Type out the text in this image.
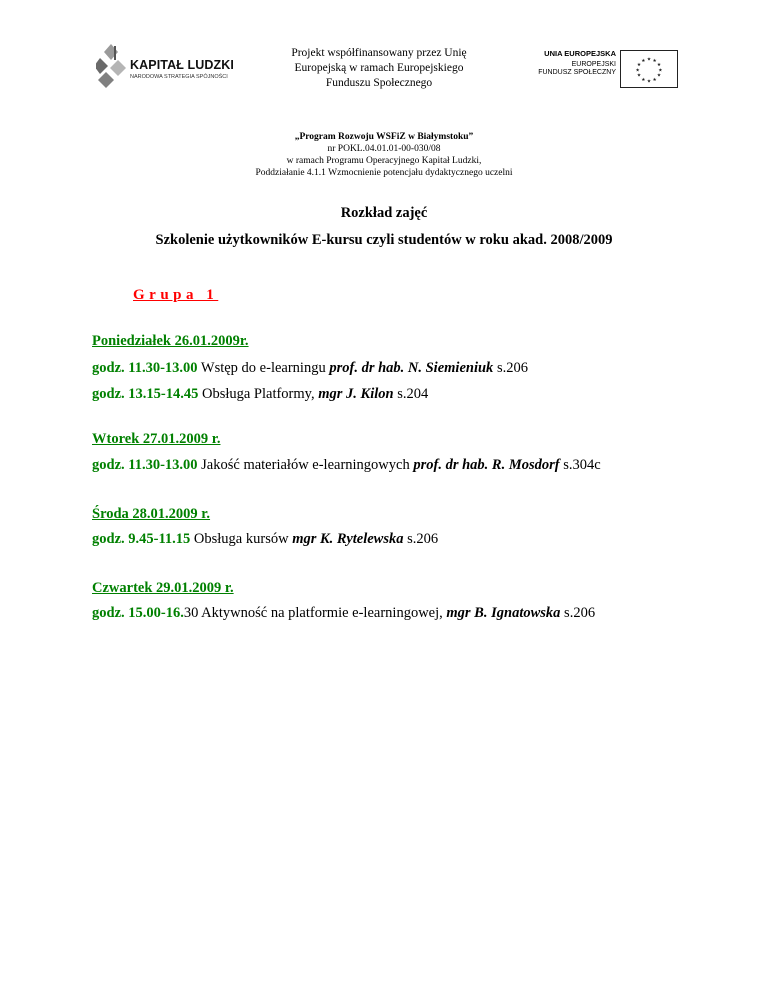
KAPITAŁ LUDZKI
NARODOWA STRATEGIA SPÓJNOŚCI
Projekt współfinansowany przez Unię
Europejską w ramach Europejskiego
Funduszu Społecznego
UNIA EUROPEJSKA
EUROPEJSKI
FUNDUSZ SPOŁECZNY
★ ★
★
★
★
★
★
★
★
★
★
★
„Program Rozwoju WSFiZ w Białymstoku”
nr POKL.04.01.01-00-030/08
w ramach Programu Operacyjnego Kapitał Ludzki,
Poddziałanie 4.1.1 Wzmocnienie potencjału dydaktycznego uczelni
Rozkład zajęć
Szkolenie użytkowników E-kursu czyli studentów w roku akad. 2008/2009
Grupa 1
Poniedziałek 26.01.2009r.
godz. 11.30-13.00 Wstęp do e-learningu prof. dr hab. N. Siemieniuk s.206
godz. 13.15-14.45 Obsługa Platformy, mgr J. Kilon s.204
Wtorek 27.01.2009 r.
godz. 11.30-13.00 Jakość materiałów e-learningowych prof. dr hab. R. Mosdorf s.304c
Środa 28.01.2009 r.
godz. 9.45-11.15 Obsługa kursów mgr K. Rytelewska s.206
Czwartek 29.01.2009 r.
godz. 15.00-16.30 Aktywność na platformie e-learningowej, mgr B. Ignatowska s.206
